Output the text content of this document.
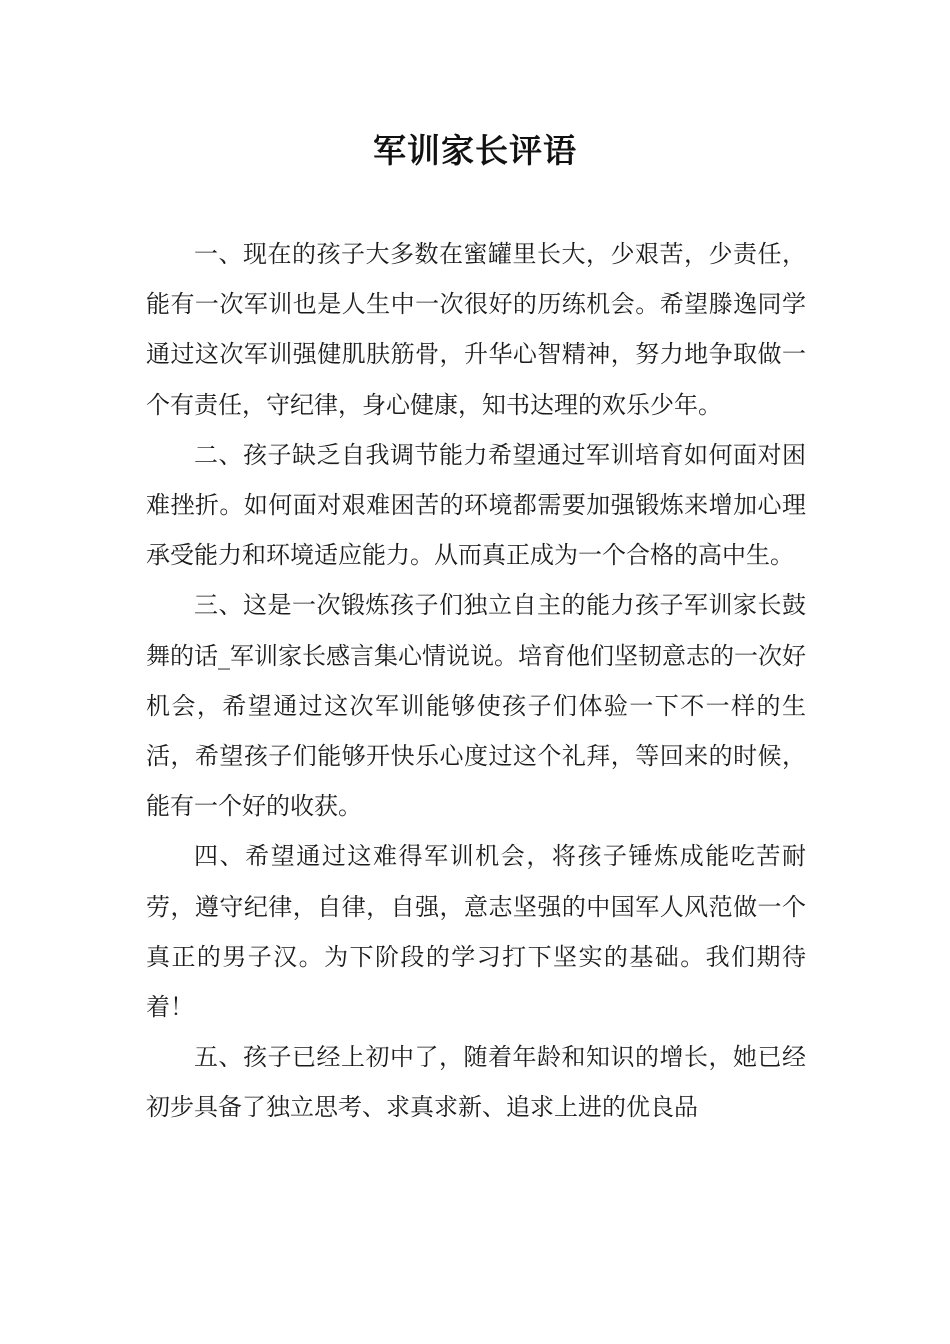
军训家长评语

一、现在的孩子大多数在蜜罐里长大，少艰苦，少责任，能有一次军训也是人生中一次很好的历练机会。希望滕逸同学通过这次军训强健肌肤筋骨，升华心智精神，努力地争取做一个有责任，守纪律，身心健康，知书达理的欢乐少年。

二、孩子缺乏自我调节能力希望通过军训培育如何面对困难挫折。如何面对艰难困苦的环境都需要加强锻炼来增加心理承受能力和环境适应能力。从而真正成为一个合格的高中生。

三、这是一次锻炼孩子们独立自主的能力孩子军训家长鼓舞的话_军训家长感言集心情说说。培育他们坚韧意志的一次好机会，希望通过这次军训能够使孩子们体验一下不一样的生活，希望孩子们能够开快乐心度过这个礼拜，等回来的时候，能有一个好的收获。

四、希望通过这难得军训机会，将孩子锤炼成能吃苦耐劳，遵守纪律，自律，自强，意志坚强的中国军人风范做一个真正的男子汉。为下阶段的学习打下坚实的基础。我们期待着！

五、孩子已经上初中了，随着年龄和知识的增长，她已经初步具备了独立思考、求真求新、追求上进的优良品
